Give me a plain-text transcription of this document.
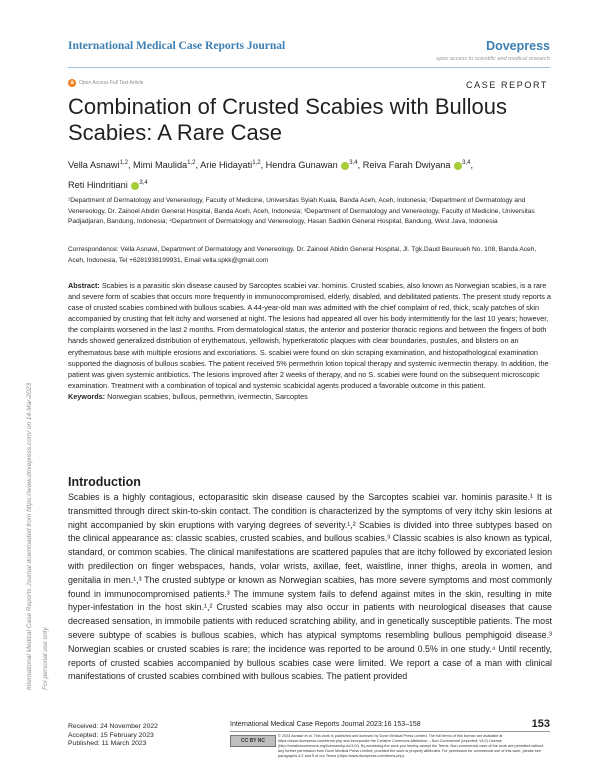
International Medical Case Reports Journal	Dovepress
open access to scientific and medical research
a	Open Access Full Text Article	CASE REPORT
Combination of Crusted Scabies with Bullous Scabies: A Rare Case
Vella Asnawi$^{1,2}$, Mimi Maulida$^{1,2}$, Arie Hidayati$^{1,2}$, Hendra Gunawan $^{3,4}$, Reiva Farah Dwiyana $^{3,4}$,
Reti Hindritiani $^{3,4}$
¹Department of Dermatology and Venereology, Faculty of Medicine, Universitas Syiah Kuala, Banda Aceh, Aceh, Indonesia; ²Department of Dermatology and Venereology, Dr. Zainoel Abidin General Hospital, Banda Aceh, Aceh, Indonesia; ³Department of Dermatology and Venereology, Faculty of Medicine, Universitas Padjadjaran, Bandung, Indonesia; ⁴Department of Dermatology and Venereology, Hasan Sadikin General Hospital, Bandung, West Java, Indonesia
Correspondence: Vella Asnawi, Department of Dermatology and Venereology, Dr. Zainoel Abidin General Hospital, Jl. Tgk.Daud Beureueh No. 108, Banda Aceh, Aceh, Indonesia, Tel +6281938199931, Email vella.spkk@gmail.com
Abstract: Scabies is a parasitic skin disease caused by Sarcoptes scabiei var. hominis. Crusted scabies, also known as Norwegian scabies, is a rare and severe form of scabies that occurs more frequently in immunocompromised, elderly, disabled, and debilitated patients. The present study reports a case of crusted scabies combined with bullous scabies. A 44-year-old man was admitted with the chief complaint of red, thick, scaly patches of skin accompanied by crusting that felt itchy and worsened at night. The lesions had appeared all over his body intermittently for the last 10 years; however, the complaints worsened in the last 2 months. From dermatological status, the anterior and posterior thoracic regions and between the fingers of both hands showed generalized distribution of erythematous, yellowish, hyperkeratotic plaques with clear boundaries, pustules, and blisters on an erythematous base with multiple erosions and excoriations. S. scabiei were found on skin scraping examination, and histopathological examination supported the diagnosis of bullous scabies. The patient received 5% permethrin lotion topical therapy and systemic ivermectin therapy. In addition, the patient was given systemic antibiotics. The lesions improved after 2 weeks of therapy, and no S. scabiei were found on the subsequent microscopic examination. Treatment with a combination of topical and systemic scabicidal agents produced a favorable outcome in this patient.
Keywords: Norwegian scabies, bullous, permethrin, ivermectin, Sarcoptes
Introduction
Scabies is a highly contagious, ectoparasitic skin disease caused by the Sarcoptes scabiei var. hominis parasite.¹ It is transmitted through direct skin-to-skin contact. The condition is characterized by the symptoms of very itchy skin lesions at night accompanied by skin eruptions with varying degrees of severity.¹,² Scabies is divided into three subtypes based on the clinical appearance as: classic scabies, crusted scabies, and bullous scabies.³ Classic scabies is also known as typical, standard, or common scabies. The clinical manifestations are scattered papules that are itchy followed by excoriated lesion with predilection on finger webspaces, hands, volar wrists, axillae, feet, waistline, inner thighs, areola in women, and genitalia in men.¹,³ The crusted subtype or known as Norwegian scabies, has more severe symptoms and most commonly found in immunocompromised patients.³ The immune system fails to defend against mites in the skin, resulting in mite hyper-infestation in the host skin.¹,² Crusted scabies may also occur in patients with neurological diseases that cause decreased sensation, in immobile patients with reduced scratching ability, and in genetically susceptible patients. The most severe subtype of scabies is bullous scabies, which has atypical symptoms resembling bullous pemphigoid disease.³ Norwegian scabies or crusted scabies is rare; the incidence was reported to be around 0.5% in one study.⁴ Until recently, reports of crusted scabies accompanied by bullous scabies case were limited. We report a case of a man with clinical manifestations of crusted scabies combined with bullous scabies. The patient provided
International Medical Case Reports Journal downloaded from https://www.dovepress.com/ on 14-Mar-2023 For personal use only.
Received: 24 November 2022
Accepted: 15 February 2023
Published: 11 March 2023
International Medical Case Reports Journal 2023:16 153–158	153
CC BY NC
© 2023 Asnawi et al. This work is published and licensed by Dove Medical Press Limited. The full terms of this license are available at https://www.dovepress.com/terms.php and incorporate the Creative Commons Attribution – Non Commercial (unported, v3.0) License (http://creativecommons.org/licenses/by-nc/3.0/). By accessing the work you hereby accept the Terms. Non-commercial uses of the work are permitted without any further permission from Dove Medical Press Limited, provided the work is properly attributed. For permission for commercial use of this work, please see paragraphs 4.2 and 5 of our Terms (https://www.dovepress.com/terms.php).
